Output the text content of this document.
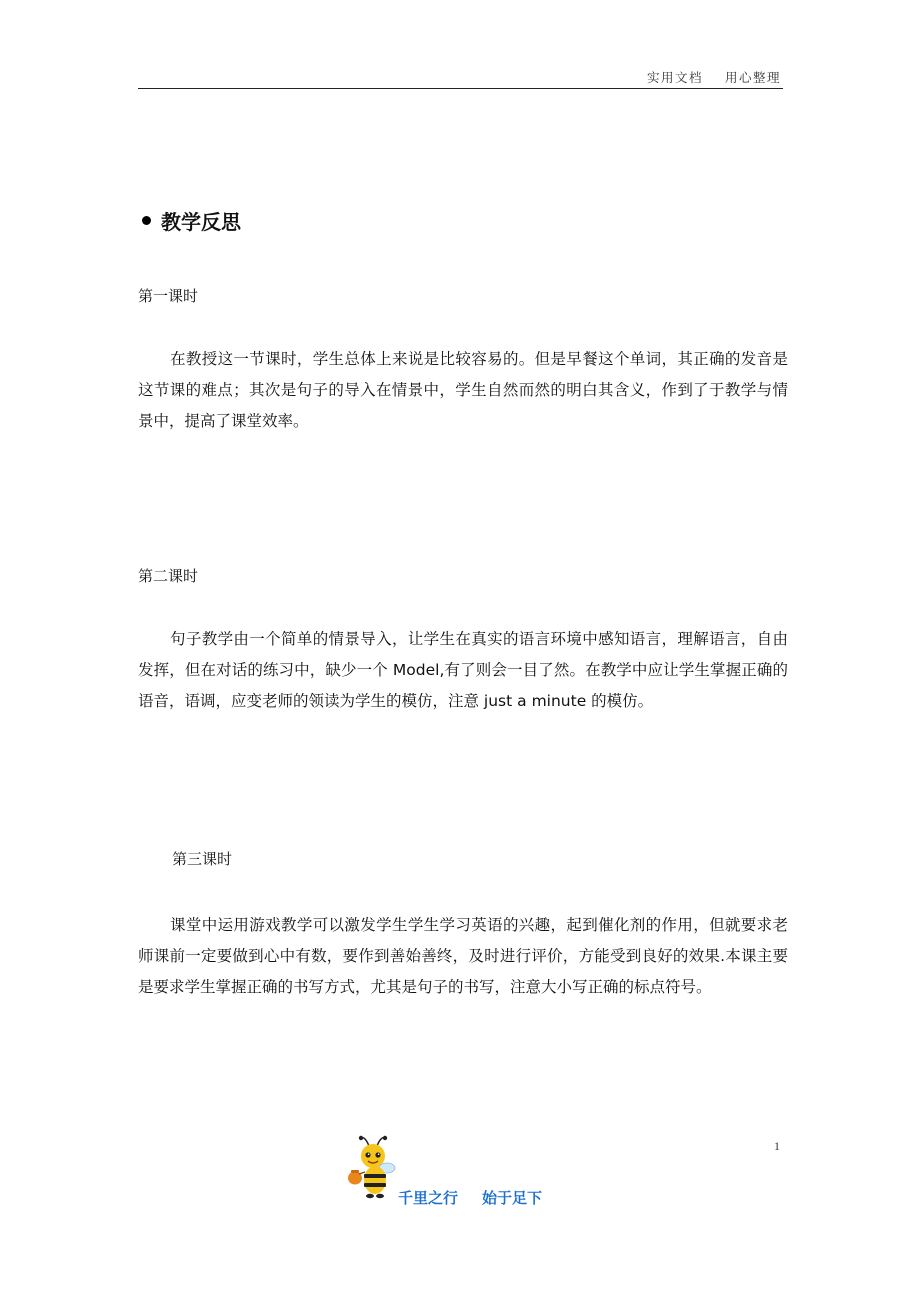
实用文档 用心整理
教学反思
第一课时
在教授这一节课时，学生总体上来说是比较容易的。但是早餐这个单词，其正确的发音是这节课的难点；其次是句子的导入在情景中，学生自然而然的明白其含义，作到了于教学与情景中，提高了课堂效率。
第二课时
句子教学由一个简单的情景导入，让学生在真实的语言环境中感知语言，理解语言，自由发挥，但在对话的练习中，缺少一个 Model,有了则会一目了然。在教学中应让学生掌握正确的语音，语调，应变老师的领读为学生的模仿，注意 just a minute 的模仿。
第三课时
课堂中运用游戏教学可以激发学生学生学习英语的兴趣，起到催化剂的作用，但就要求老师课前一定要做到心中有数，要作到善始善终，及时进行评价，方能受到良好的效果.本课主要是要求学生掌握正确的书写方式，尤其是句子的书写，注意大小写正确的标点符号。
1
千里之行 始于足下
